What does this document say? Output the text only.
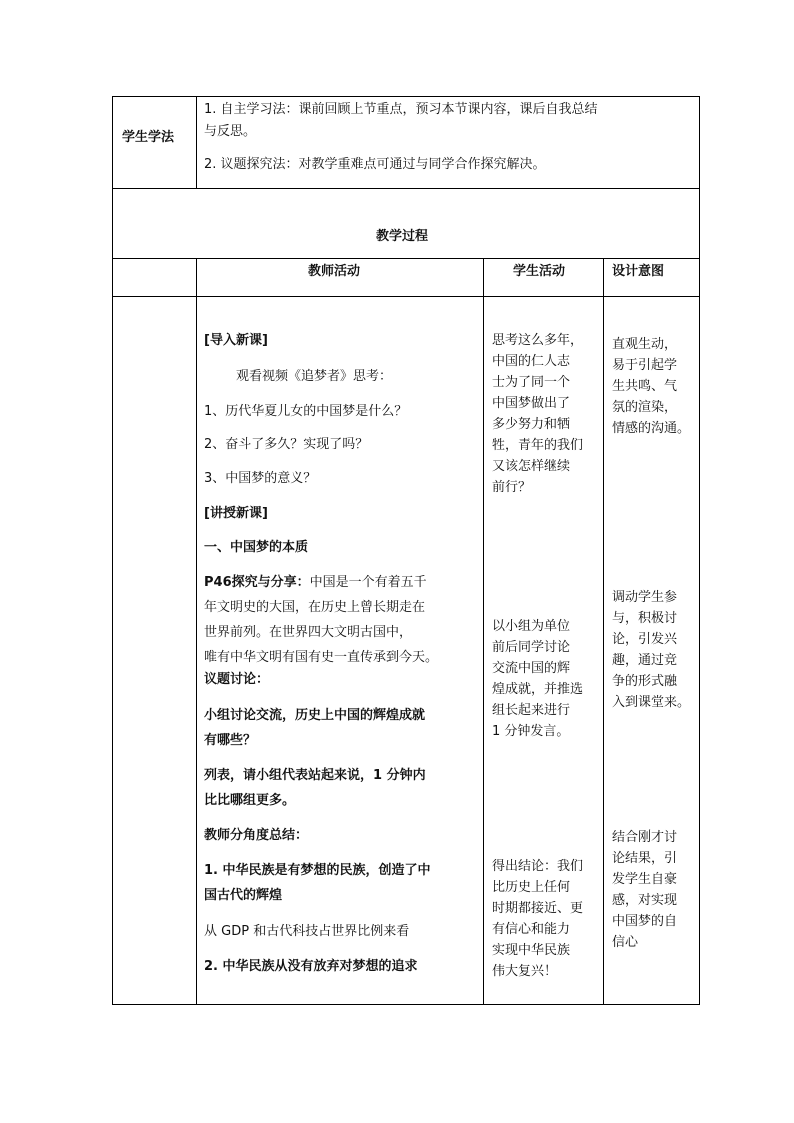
学生学法
1. 自主学习法：课前回顾上节重点，预习本节课内容，课后自我总结
与反思。
2. 议题探究法：对教学重难点可通过与同学合作探究解决。
教学过程
教师活动	学生活动	设计意图
[导入新课]
观看视频《追梦者》思考：
1、历代华夏儿女的中国梦是什么？
2、奋斗了多久？实现了吗？
3、中国梦的意义？
[讲授新课]
一、中国梦的本质
P46探究与分享：中国是一个有着五千
年文明史的大国，在历史上曾长期走在
世界前列。在世界四大文明古国中，
唯有中华文明有国有史一直传承到今天。
议题讨论：
小组讨论交流，历史上中国的辉煌成就
有哪些？
列表，请小组代表站起来说，1 分钟内
比比哪组更多。
教师分角度总结：
1. 中华民族是有梦想的民族，创造了中
国古代的辉煌
从 GDP 和古代科技占世界比例来看
2. 中华民族从没有放弃对梦想的追求
思考这么多年，
中国的仁人志
士为了同一个
中国梦做出了
多少努力和牺
牲，青年的我们
又该怎样继续
前行？
以小组为单位
前后同学讨论
交流中国的辉
煌成就，并推选
组长起来进行
1 分钟发言。
得出结论：我们
比历史上任何
时期都接近、更
有信心和能力
实现中华民族
伟大复兴！
直观生动，
易于引起学
生共鸣、气
氛的渲染，
情感的沟通。
调动学生参
与，积极讨
论，引发兴
趣，通过竞
争的形式融
入到课堂来。
结合刚才讨
论结果，引
发学生自豪
感，对实现
中国梦的自
信心
